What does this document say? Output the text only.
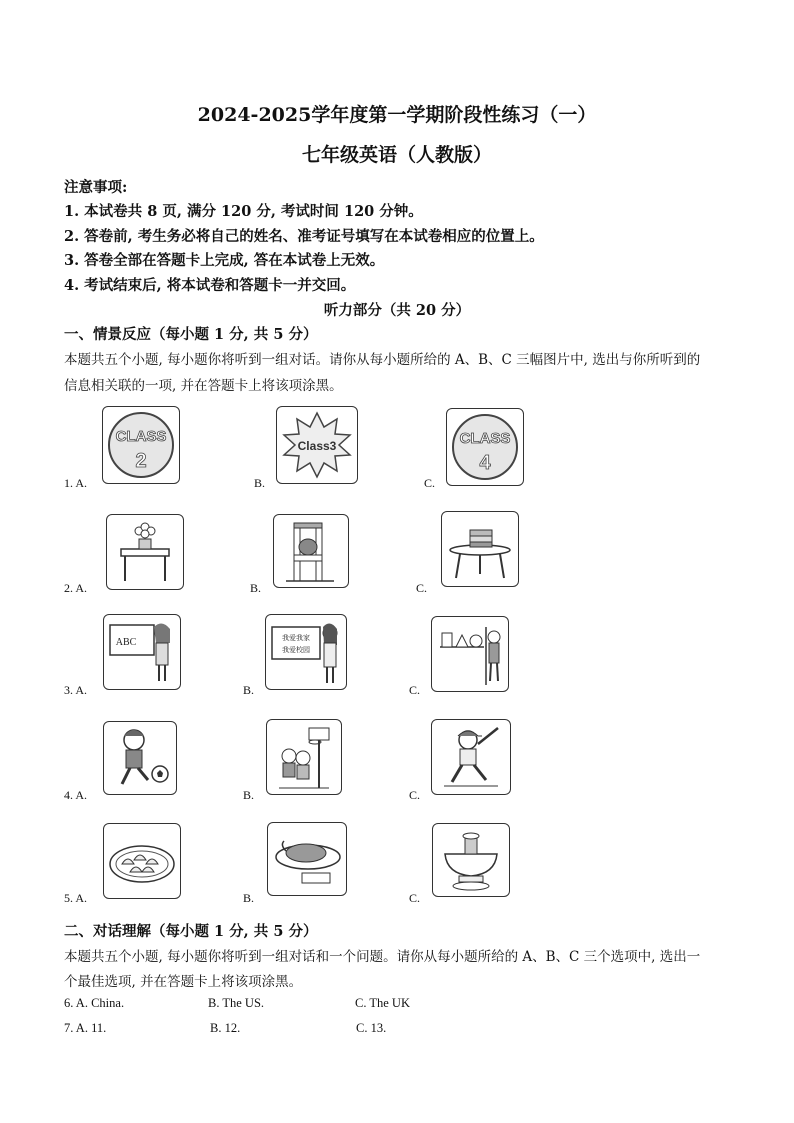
2024-2025学年度第一学期阶段性练习（一）
七年级英语（人教版）
注意事项:
1. 本试卷共 8 页, 满分 120 分, 考试时间 120 分钟。
2. 答卷前, 考生务必将自己的姓名、准考证号填写在本试卷相应的位置上。
3. 答卷全部在答题卡上完成, 答在本试卷上无效。
4. 考试结束后, 将本试卷和答题卡一并交回。
听力部分（共 20 分）
一、情景反应（每小题 1 分, 共 5 分）
本题共五个小题, 每小题你将听到一组对话。请你从每小题所给的 A、B、C 三幅图片中, 选出与你所听到的
信息相关联的一项, 并在答题卡上将该项涂黑。
1. A.
CLASS
2
B.
Class3
C.
CLASS
4
2. A.	B.	C.
3. A.
ABC
B.
我爱我家
我爱校园
C.
4. A.	B.	C.
5. A.	B.	C.
二、对话理解（每小题 1 分, 共 5 分）
本题共五个小题, 每小题你将听到一组对话和一个问题。请你从每小题所给的 A、B、C 三个选项中, 选出一
个最佳选项, 并在答题卡上将该项涂黑。
6. A. China.	B. The US.	C. The UK
7. A. 11.	B. 12.	C. 13.
